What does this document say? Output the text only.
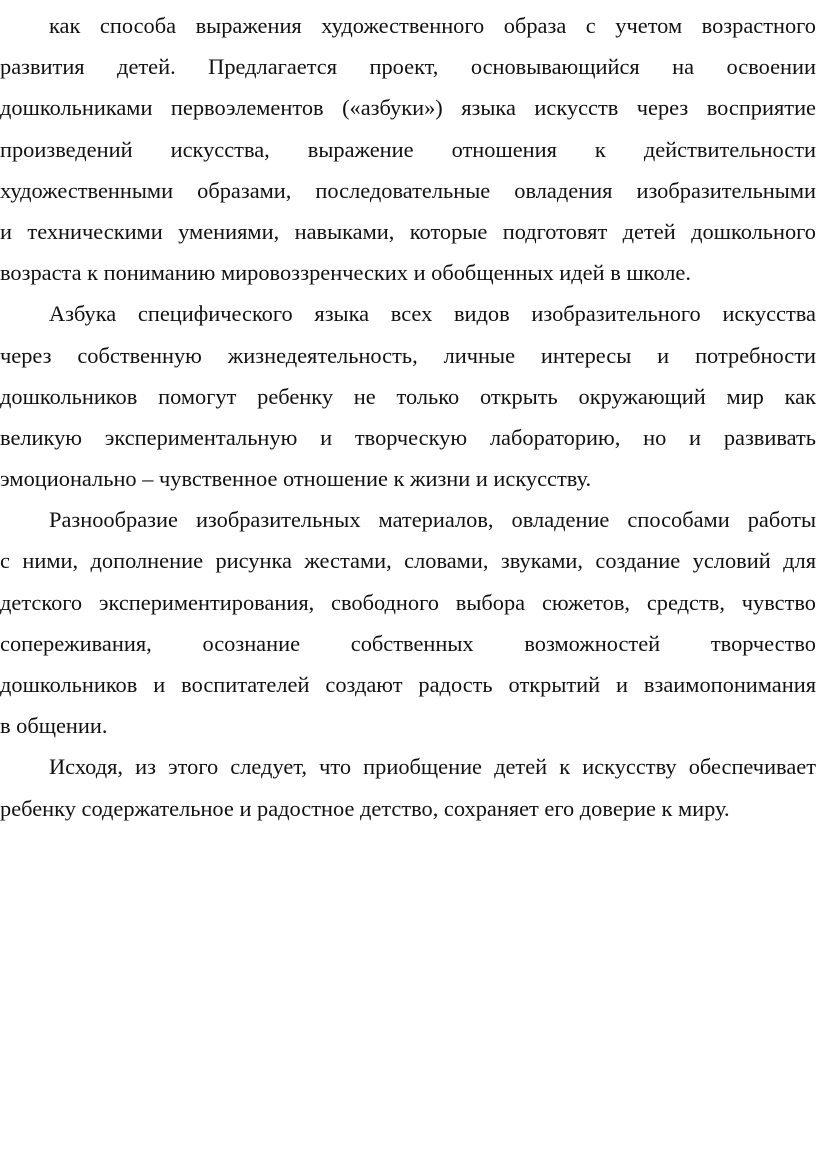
как способа выражения художественного образа с учетом возрастного
развития детей. Предлагается проект, основывающийся на освоении
дошкольниками первоэлементов («азбуки») языка искусств через восприятие
произведений искусства, выражение отношения к действительности
художественными образами, последовательные овладения изобразительными
и техническими умениями, навыками, которые подготовят детей дошкольного
возраста к пониманию мировоззренческих и обобщенных идей в школе.
Азбука специфического языка всех видов изобразительного искусства
через собственную жизнедеятельность, личные интересы и потребности
дошкольников помогут ребенку не только открыть окружающий мир как
великую экспериментальную и творческую лабораторию, но и развивать
эмоционально – чувственное отношение к жизни и искусству.
Разнообразие изобразительных материалов, овладение способами работы
с ними, дополнение рисунка жестами, словами, звуками, создание условий для
детского экспериментирования, свободного выбора сюжетов, средств, чувство
сопереживания, осознание собственных возможностей творчество
дошкольников и воспитателей создают радость открытий и взаимопонимания
в общении.
Исходя, из этого следует, что приобщение детей к искусству обеспечивает
ребенку содержательное и радостное детство, сохраняет его доверие к миру.
